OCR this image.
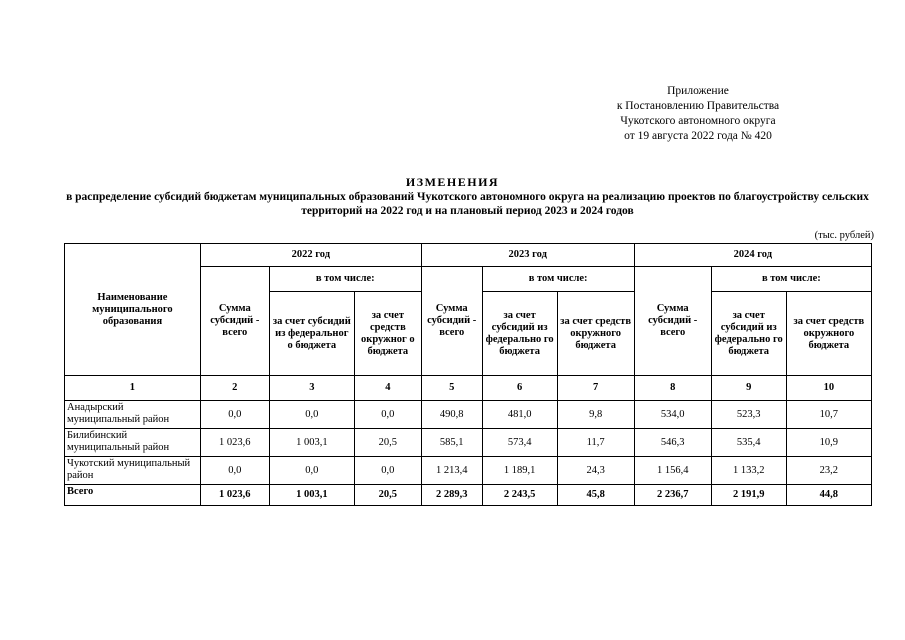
Приложение
к Постановлению Правительства
Чукотского автономного округа
от 19 августа 2022 года № 420
ИЗМЕНЕНИЯ
в распределение субсидий бюджетам муниципальных образований Чукотского автономного округа на реализацию проектов по благоустройству сельских территорий на 2022 год и на плановый период 2023 и 2024 годов
(тыс. рублей)
Наименование муниципального образования	2022 год			2023 год			2024 год		
	Сумма субсидий - всего	в том числе:		Сумма субсидий - всего	в том числе:		Сумма субсидий - всего	в том числе:	
		за счет субсидий из федеральног о бюджета	за счет средств окружног о бюджета		за счет субсидий из федерально го бюджета	за счет средств окружного бюджета		за счет субсидий из федерально го бюджета	за счет средств окружного бюджета
1	2	3	4	5	6	7	8	9	10
Анадырский муниципальный район	0,0	0,0	0,0	490,8	481,0	9,8	534,0	523,3	10,7
Билибинский муниципальный район	1 023,6	1 003,1	20,5	585,1	573,4	11,7	546,3	535,4	10,9
Чукотский муниципальный район	0,0	0,0	0,0	1 213,4	1 189,1	24,3	1 156,4	1 133,2	23,2
Всего	1 023,6	1 003,1	20,5	2 289,3	2 243,5	45,8	2 236,7	2 191,9	44,8
